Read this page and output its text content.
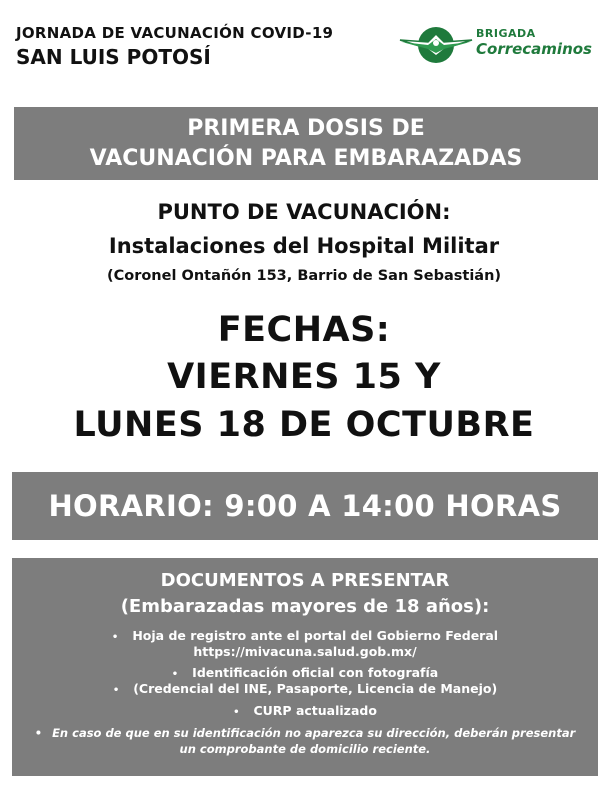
JORNADA DE VACUNACIÓN COVID-19
SAN LUIS POTOSÍ
BRIGADA
Correcaminos
PRIMERA DOSIS DE
VACUNACIÓN PARA EMBARAZADAS
PUNTO DE VACUNACIÓN:
Instalaciones del Hospital Militar
(Coronel Ontañón 153, Barrio de San Sebastián)
FECHAS:
VIERNES 15 Y
LUNES 18 DE OCTUBRE
HORARIO: 9:00 A 14:00 HORAS
DOCUMENTOS A PRESENTAR
(Embarazadas mayores de 18 años):
• Hoja de registro ante el portal del Gobierno Federal
https://mivacuna.salud.gob.mx/
• Identificación oficial con fotografía
• (Credencial del INE, Pasaporte, Licencia de Manejo)
• CURP actualizado
• En caso de que en su identificación no aparezca su dirección, deberán presentar
un comprobante de domicilio reciente.
